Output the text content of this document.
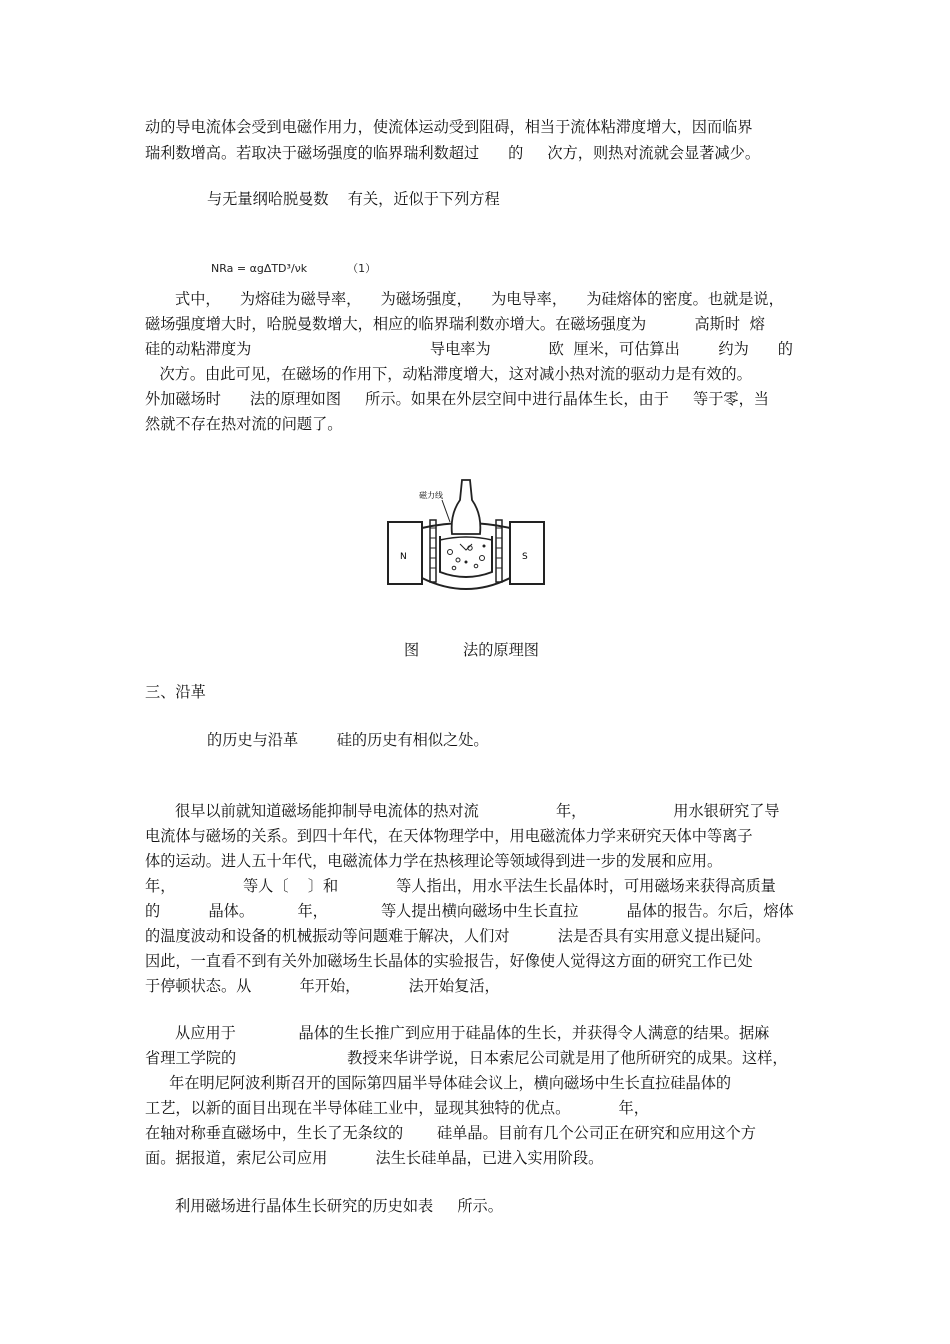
动的导电流体会受到电磁作用力，使流体运动受到阻碍，相当于流体粘滞度增大，因而临界
瑞利数增高。若取决于磁场强度的临界瑞利数超过      的     次方，则热对流就会显著减少。
与无量纲哈脱曼数    有关，近似于下列方程

NRa = αgΔTD³/νk	（1）

式中，    为熔硅为磁导率，    为磁场强度，    为电导率，    为硅熔体的密度。也就是说，
磁场强度增大时，哈脱曼数增大，相应的临界瑞利数亦增大。在磁场强度为          高斯时  熔
硅的动粘滞度为                                     导电率为            欧  厘米，可估算出        约为      的
次方。由此可见，在磁场的作用下，动粘滞度增大，这对减小热对流的驱动力是有效的。
外加磁场时      法的原理如图     所示。如果在外层空间中进行晶体生长，由于     等于零，当
然就不存在热对流的问题了。
N	S
磁力线
图	法的原理图
三、沿革
的历史与沿革        硅的历史有相似之处。
很早以前就知道磁场能抑制导电流体的热对流                年，                  用水银研究了导
电流体与磁场的关系。到四十年代，在天体物理学中，用电磁流体力学来研究天体中等离子
体的运动。进人五十年代，电磁流体力学在热核理论等领域得到进一步的发展和应用。
年，              等人〔    〕和            等人指出，用水平法生长晶体时，可用磁场来获得高质量
的          晶体。         年，           等人提出横向磁场中生长直拉          晶体的报告。尔后，熔体
的温度波动和设备的机械振动等问题难于解决，人们对          法是否具有实用意义提出疑问。
因此，一直看不到有关外加磁场生长晶体的实验报告，好像使人觉得这方面的研究工作已处
于停顿状态。从          年开始，          法开始复活，
从应用于             晶体的生长推广到应用于硅晶体的生长，并获得令人满意的结果。据麻
省理工学院的                       教授来华讲学说，日本索尼公司就是用了他所研究的成果。这样，
年在明尼阿波利斯召开的国际第四届半导体硅会议上，横向磁场中生长直拉硅晶体的
工艺，以新的面目出现在半导体硅工业中，显现其独特的优点。          年，
在轴对称垂直磁场中，生长了无条纹的       硅单晶。目前有几个公司正在研究和应用这个方
面。据报道，索尼公司应用          法生长硅单晶，已进入实用阶段。
利用磁场进行晶体生长研究的历史如表     所示。
